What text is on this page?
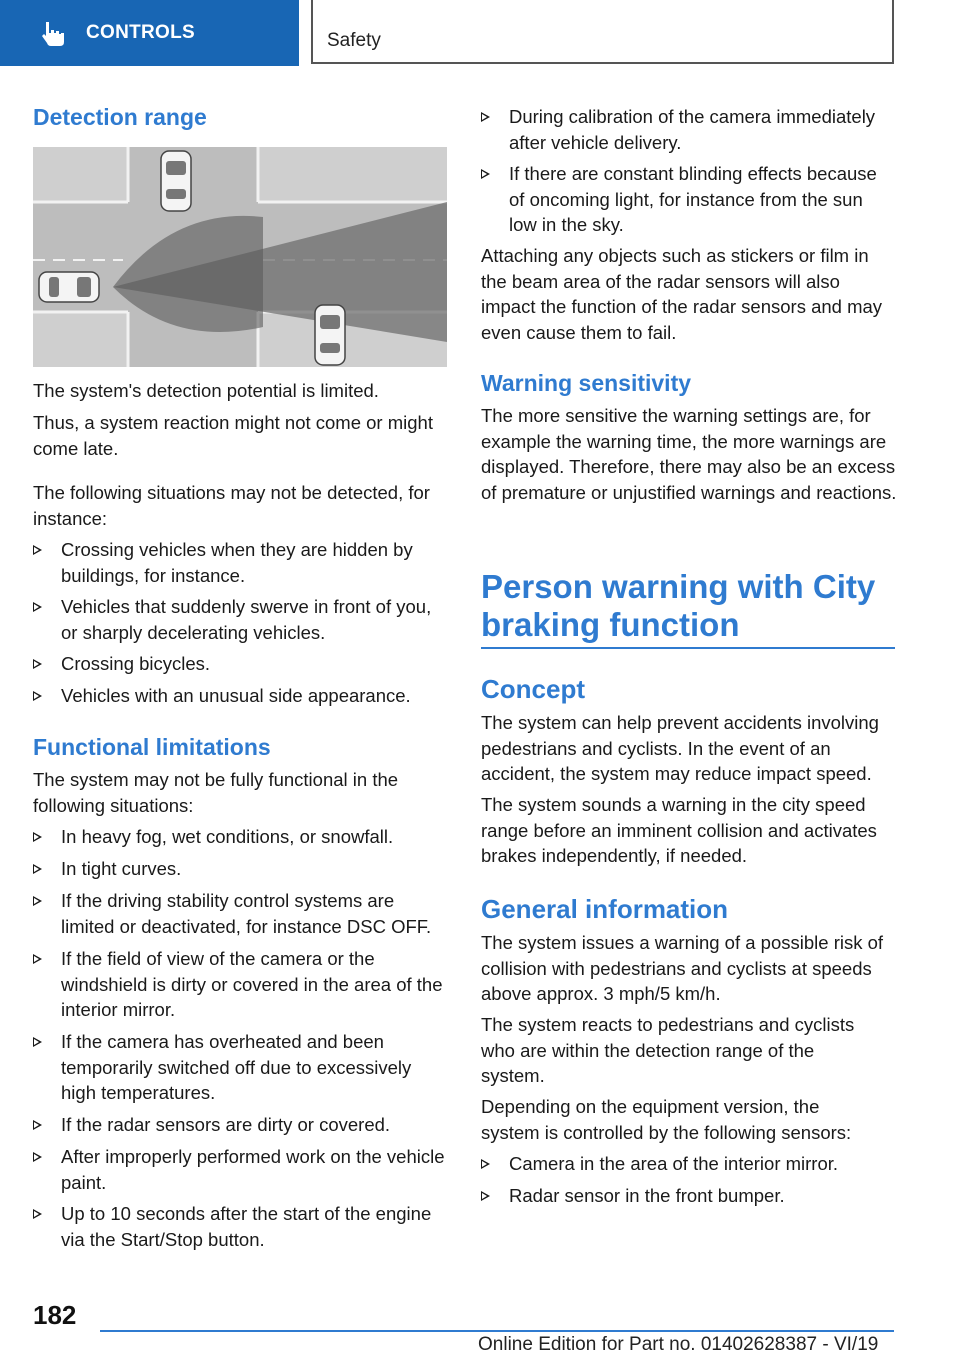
CONTROLS	Safety
Detection range

The system's detection potential is limited.

Thus, a system reaction might not come or might come late.

The following situations may not be detected, for instance:

Crossing vehicles when they are hidden by buildings, for instance.
Vehicles that suddenly swerve in front of you, or sharply decelerating vehicles.
Crossing bicycles.
Vehicles with an unusual side appearance.
Functional limitations

The system may not be fully functional in the following situations:

In heavy fog, wet conditions, or snowfall.
In tight curves.
If the driving stability control systems are limited or deactivated, for instance DSC OFF.
If the field of view of the camera or the windshield is dirty or covered in the area of the interior mirror.
If the camera has overheated and been temporarily switched off due to excessively high temperatures.
If the radar sensors are dirty or covered.
After improperly performed work on the vehicle paint.
Up to 10 seconds after the start of the engine via the Start/Stop button.
During calibration of the camera immediately after vehicle delivery.
If there are constant blinding effects because of oncoming light, for instance from the sun low in the sky.

Attaching any objects such as stickers or film in the beam area of the radar sensors will also impact the function of the radar sensors and may even cause them to fail.

Warning sensitivity

The more sensitive the warning settings are, for example the warning time, the more warnings are displayed. Therefore, there may also be an excess of premature or unjustified warnings and reactions.

Person warning with City braking function
Concept

The system can help prevent accidents involving pedestrians and cyclists. In the event of an accident, the system may reduce impact speed.

The system sounds a warning in the city speed range before an imminent collision and activates brakes independently, if needed.

General information

The system issues a warning of a possible risk of collision with pedestrians and cyclists at speeds above approx. 3 mph/5 km/h.

The system reacts to pedestrians and cyclists who are within the detection range of the system.

Depending on the equipment version, the system is controlled by the following sensors:

Camera in the area of the interior mirror.
Radar sensor in the front bumper.
182
Online Edition for Part no. 01402628387 - VI/19
